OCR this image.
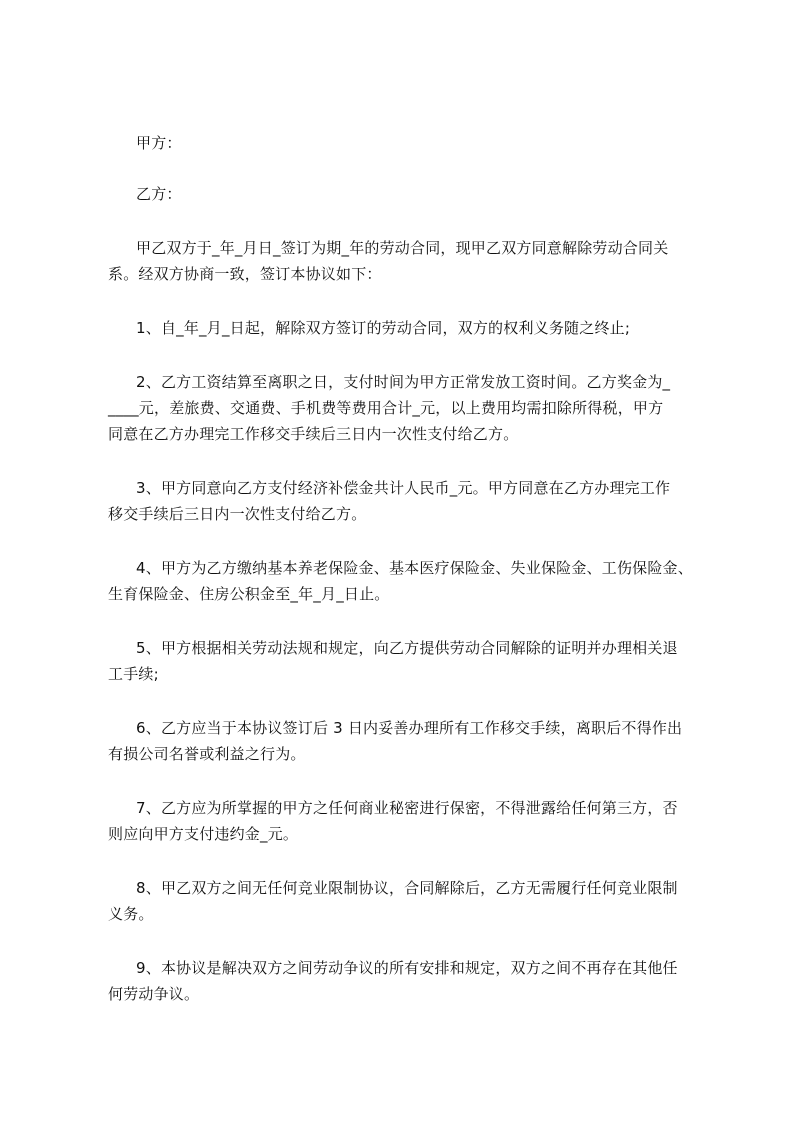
甲方：

乙方：

甲乙双方于_年_月日_签订为期_年的劳动合同，现甲乙双方同意解除劳动合同关

系。经双方协商一致，签订本协议如下：

1、自_年_月_日起，解除双方签订的劳动合同，双方的权利义务随之终止;

2、乙方工资结算至离职之日，支付时间为甲方正常发放工资时间。乙方奖金为_

____元，差旅费、交通费、手机费等费用合计_元，以上费用均需扣除所得税，甲方

同意在乙方办理完工作移交手续后三日内一次性支付给乙方。

3、甲方同意向乙方支付经济补偿金共计人民币_元。甲方同意在乙方办理完工作

移交手续后三日内一次性支付给乙方。

4、甲方为乙方缴纳基本养老保险金、基本医疗保险金、失业保险金、工伤保险金、

生育保险金、住房公积金至_年_月_日止。

5、甲方根据相关劳动法规和规定，向乙方提供劳动合同解除的证明并办理相关退

工手续;

6、乙方应当于本协议签订后 3 日内妥善办理所有工作移交手续，离职后不得作出

有损公司名誉或利益之行为。

7、乙方应为所掌握的甲方之任何商业秘密进行保密，不得泄露给任何第三方，否

则应向甲方支付违约金_元。

8、甲乙双方之间无任何竞业限制协议，合同解除后，乙方无需履行任何竞业限制

义务。

9、本协议是解决双方之间劳动争议的所有安排和规定，双方之间不再存在其他任

何劳动争议。
